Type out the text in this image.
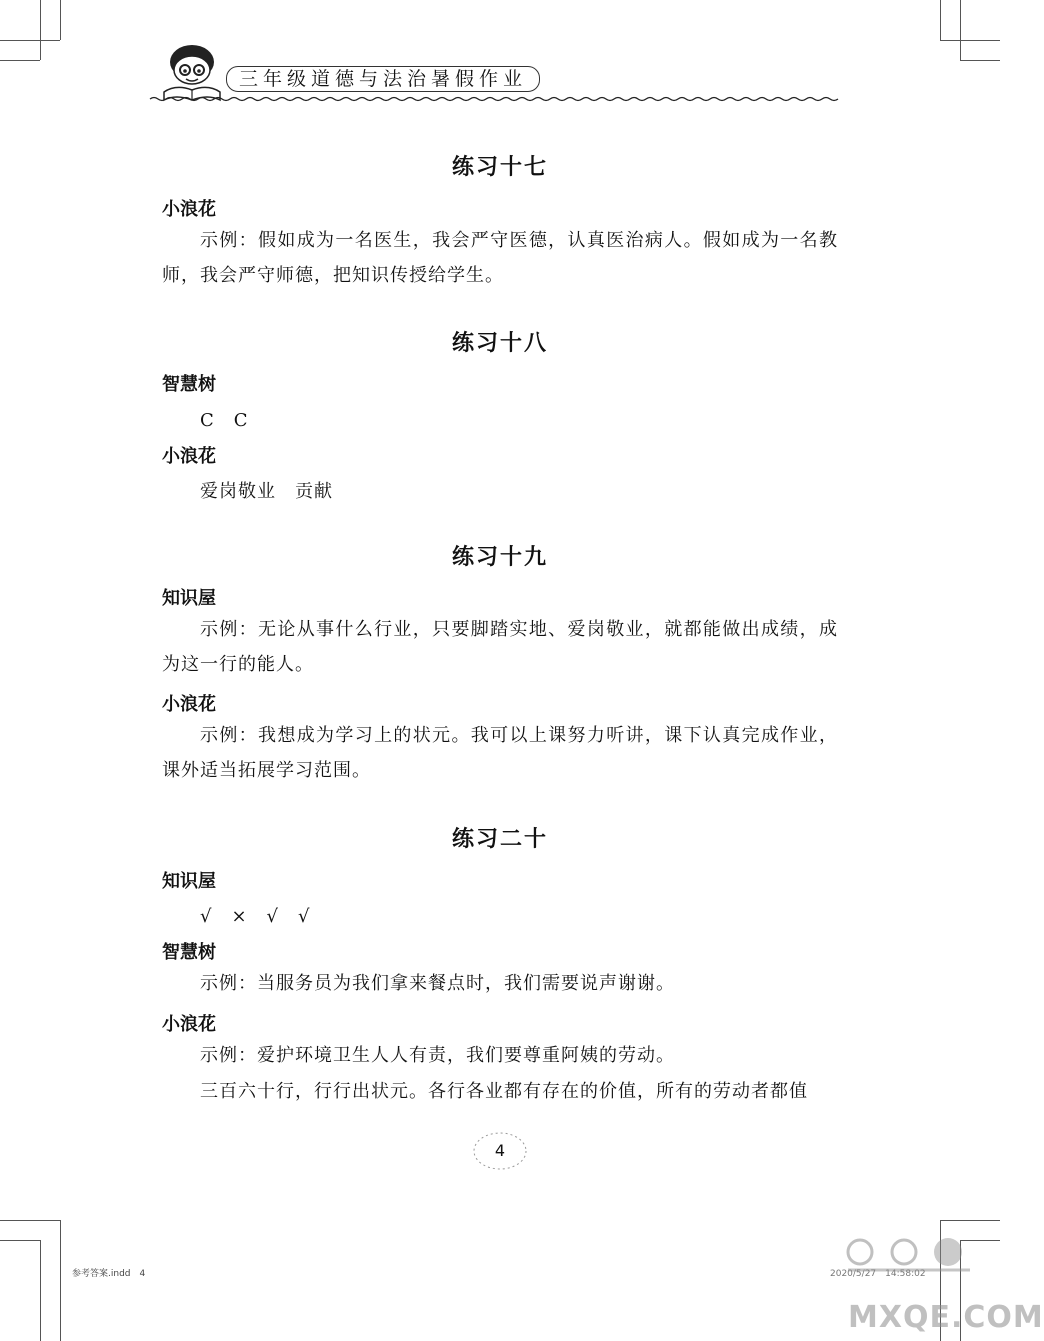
三年级道德与法治暑假作业
练习十七
小浪花

示例：假如成为一名医生，我会严守医德，认真医治病人。假如成为一名教师，我会严守师德，把知识传授给学生。

练习十八
智慧树
C　C
小浪花
爱岗敬业　贡献
练习十九
知识屋

示例：无论从事什么行业，只要脚踏实地、爱岗敬业，就都能做出成绩，成为这一行的能人。

小浪花

示例：我想成为学习上的状元。我可以上课努力听讲，课下认真完成作业，课外适当拓展学习范围。

练习二十
知识屋
√　×　√　√
智慧树

示例：当服务员为我们拿来餐点时，我们需要说声谢谢。

小浪花

示例：爱护环境卫生人人有责，我们要尊重阿姨的劳动。

三百六十行，行行出状元。各行各业都有存在的价值，所有的劳动者都值

4
参考答案.indd　4	2020/5/27　14:58:02
MXQE.COM
